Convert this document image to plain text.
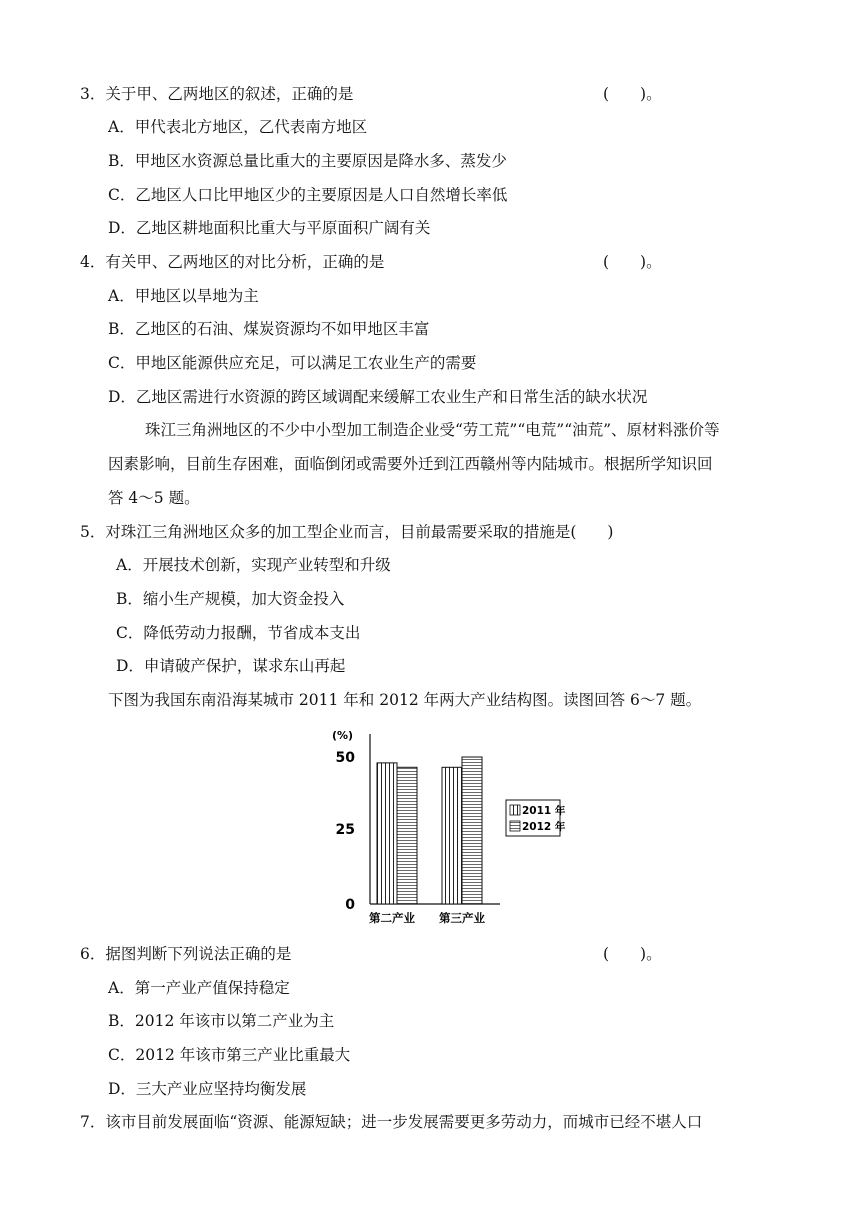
3．关于甲、乙两地区的叙述，正确的是	(　　)。
A．甲代表北方地区，乙代表南方地区
B．甲地区水资源总量比重大的主要原因是降水多、蒸发少
C．乙地区人口比甲地区少的主要原因是人口自然增长率低
D．乙地区耕地面积比重大与平原面积广阔有关
4．有关甲、乙两地区的对比分析，正确的是	(　　)。
A．甲地区以旱地为主
B．乙地区的石油、煤炭资源均不如甲地区丰富
C．甲地区能源供应充足，可以满足工农业生产的需要
D．乙地区需进行水资源的跨区域调配来缓解工农业生产和日常生活的缺水状况
珠江三角洲地区的不少中小型加工制造企业受“劳工荒”“电荒”“油荒”、原材料涨价等
因素影响，目前生存困难，面临倒闭或需要外迁到江西赣州等内陆城市。根据所学知识回
答 4～5 题。
5．对珠江三角洲地区众多的加工型企业而言，目前最需要采取的措施是(　　)
A．开展技术创新，实现产业转型和升级
B．缩小生产规模，加大资金投入
C．降低劳动力报酬，节省成本支出
D．申请破产保护，谋求东山再起
下图为我国东南沿海某城市 2011 年和 2012 年两大产业结构图。读图回答 6～7 题。
(%)
50
25
0
第二产业 第三产业
2011 年
2012 年
6．据图判断下列说法正确的是	(　　)。
A．第一产业产值保持稳定
B．2012 年该市以第二产业为主
C．2012 年该市第三产业比重最大
D．三大产业应坚持均衡发展
7．该市目前发展面临“资源、能源短缺；进一步发展需要更多劳动力，而城市已经不堪人口
